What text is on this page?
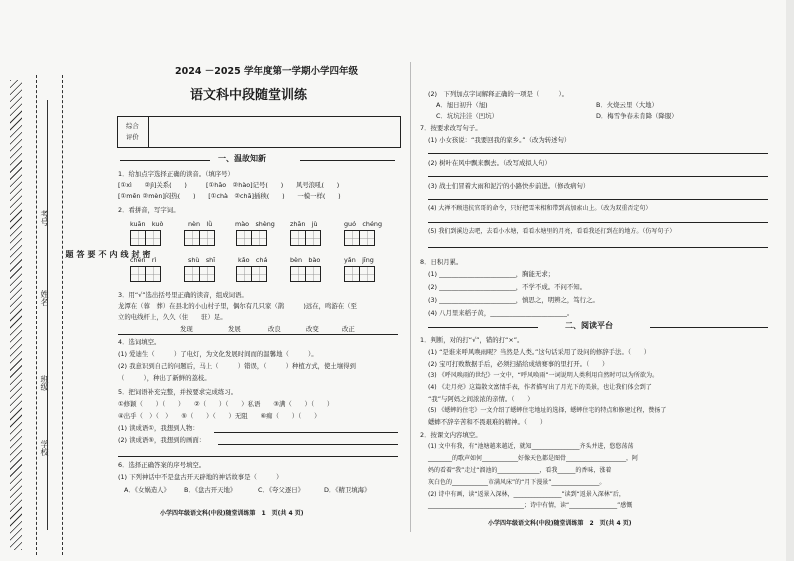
考号
姓名
班级
学校
密
封
线
内
不
要
答
题
2024 －2025 学年度第一学期小学四年级
语文科中段随堂训练
综合
评价
一、温故知新
1．给加点字选择正确的读音。（填序号）
[①xì　　②jì]关系(　　)　　　[①hāo　②hào]记号(　　)　　风号浪吼(　　)
[①mēn ②mèn]闷热(　　)　　[①chà　②chā]插秧(　　)　　一模一样(　　)
2．看拼音，写字词。
kuān　kuò	nèn　lǜ	mào　shèng zhān　jù	guó　chéng
chén　rì	shù　shī	kǎo　chá	bèn　bào	yǎn　jīng
3．用“√”选出括号里正确的读音，组成词语。
龙潭在（蓉　葬）在县北的小山村子里，偶尔有几只家（鹊　　　)远在，鸣游在（至
立的电线杆上，久久（住　　驻）足。
发现	发展	改良	改变	改正
4．选词填空。
(1) 爱迪生（　　　）了电灯，为文化发展时间而的温馨地（　　　）。
(2) 我意识到自己的问题后，马上（　　　）错误，（　　　）种植方式，使土壤得到
（　　　），种出了新鲜的荔枝。
5．把词语补充完整，并按要求完成练习。
①修颖（　　）（　　）　　②（　　）（　　）私语　　③满（　　）（　　）
④出乎（　）（　）　　⑤（　　）（　　）无阻　　⑥痴（　　）（　　）
(1) 读成语①，我想到人物：
(2) 读成语⑤，我想到的画面：
6．选择正确答案的序号填空。
(1) 下列神话中不是盘古开天辟地的神话故事是（　　　）
A．《女娲造人》 B．《盘古开天地》	C．《夸父逐日》	D．《精卫填海》
小学四年级语文科(中段)随堂训练第　1　页(共 4 页)
(2)　下列加点字词解释正确的一项是（　　　）。
A．旭日初升（旭)	B．火烧云里（大地）
C．坑坑洼洼（凹坑）	D．梅雪争春未肯降（降服）
7．按要求改写句子。
(1) 小女孩说：“我要回我的家乡。”（改为转述句）
(2) 树叶在风中飘来飘去。（改写成拟人句）
(3) 战士们冒着大雨和泥泞的小路快步前进。（修改病句）
(4) 大禅不顾违抗官哥的命令，只好把雪米相和带到高加索山上。（改为双重否定句）
(5) 我们到溪边去吧，去看小水塘，看看水塘里的月亮，看看我还打到在的地方。（仿写句子）
8．日积月累。
(1) ________________________，胸能无求；
(2) ________________________，不学不成。不问不知。
(3) ________________________，慎思之，明辨之，笃行之。
(4) 八月里来稻子黄，________________________。
二、阅读平台
1．判断，对的打“√”，错的打“×”。
(1) “是谁来呼风唤雨呢？当然是人类。”这句话采用了设问的修辞手法。（　　）
(2) 宝可打败数据手后，必须扫描给成绩赛事的里打开。（　　）
(3) 《呼风唤雨的世纪》一文中，“呼风唤雨”一词说明人类利用自然时可以为所欲为。
(4) 《走月亮》这篇散文富情手表，作者描写出了月光下的美景，也让我们体会到了
“我”与阿妈之间浓浓的亲情。（　　）
(5) 《蟋蟀的住宅》一文介绍了蟋蟀住宅地址的选择，蟋蟀住宅的特点和修建过程，赞扬了
蟋蟀不辞辛苦和不畏艰难的精神。（　　）
2．按课文内容填空。
(1) 文中有我，有“池塘越来越近，就知________________齐头并进，悠悠荡荡
________的歌声如何____________好像天色都是图骨____________________，阿
妈的看着“我”走过“溜池的______________，看我______的香味，涨着
灰白色的____________市满风床”的“月下漫景”________________。
(2) 诗中有画，读“返景入深林，________________”读到“返景入深林”后，
________________________________；诗中有情，读“________________”感慨
小学四年级语文科(中段)随堂训练第　2　页(共 4 页)
